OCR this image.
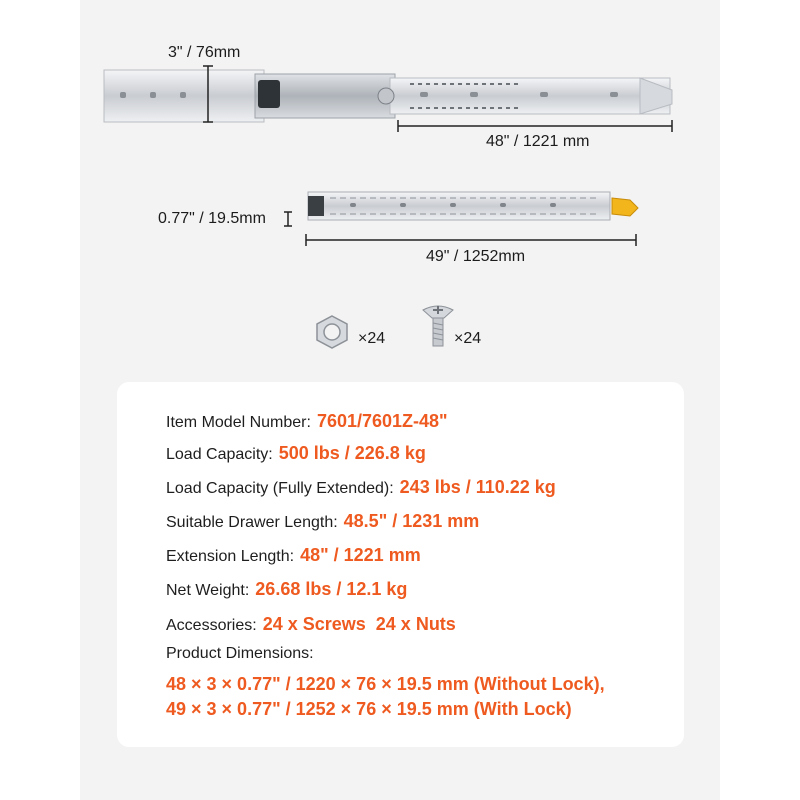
3" / 76mm
48" / 1221 mm
0.77" / 19.5mm
49" / 1252mm
×24	×24
Item Model Number: 7601/7601Z-48"
Load Capacity: 500 lbs / 226.8 kg
Load Capacity (Fully Extended): 243 lbs / 110.22 kg
Suitable Drawer Length: 48.5" / 1231 mm
Extension Length: 48" / 1221 mm
Net Weight: 26.68 lbs / 12.1 kg
Accessories: 24 x Screws 24 x Nuts
Product Dimensions:
48 × 3 × 0.77" / 1220 × 76 × 19.5 mm (Without Lock),
49 × 3 × 0.77" / 1252 × 76 × 19.5 mm (With Lock)
